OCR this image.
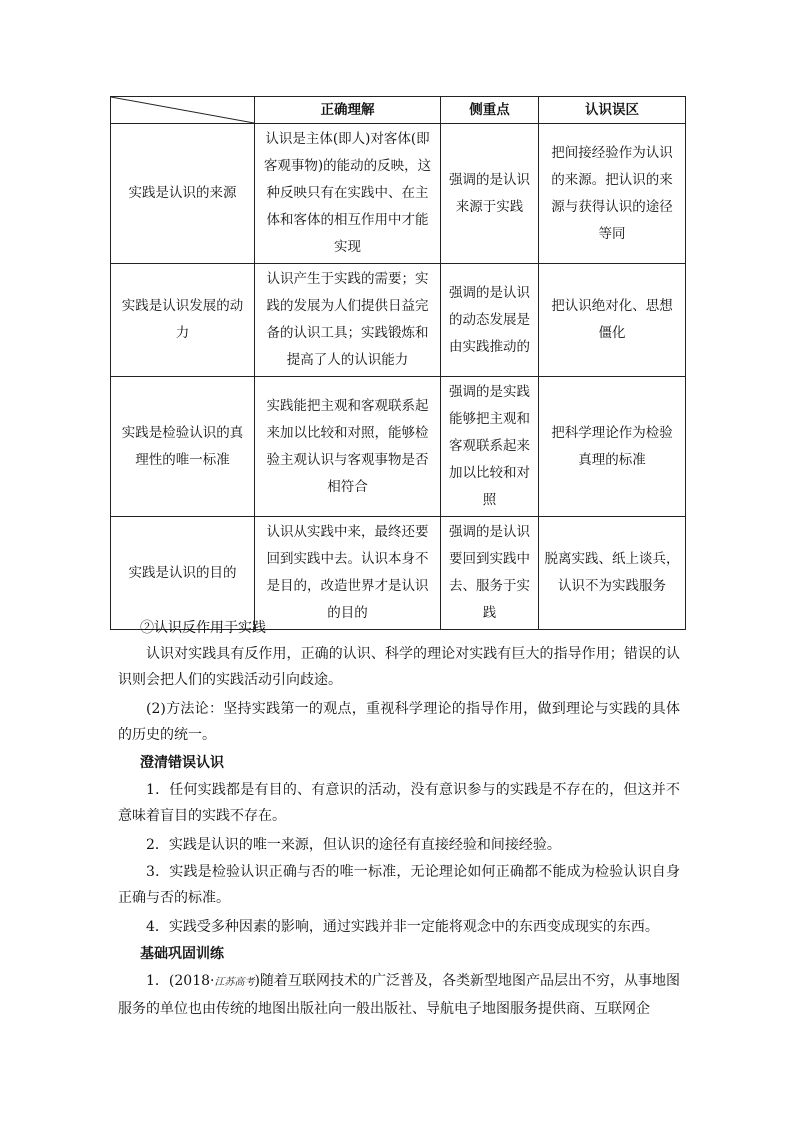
	正确理解	侧重点	认识误区
实践是认识的来源	认识是主体(即人)对客体(即
客观事物)的能动的反映，这
种反映只有在实践中、在主
体和客体的相互作用中才能
实现	强调的是认识
来源于实践	把间接经验作为认识
的来源。把认识的来
源与获得认识的途径
等同
实践是认识发展的动
力	认识产生于实践的需要；实
践的发展为人们提供日益完
备的认识工具；实践锻炼和
提高了人的认识能力	强调的是认识
的动态发展是
由实践推动的	把认识绝对化、思想
僵化
实践是检验认识的真
理性的唯一标准	实践能把主观和客观联系起
来加以比较和对照，能够检
验主观认识与客观事物是否
相符合	强调的是实践
能够把主观和
客观联系起来
加以比较和对
照	把科学理论作为检验
真理的标准
实践是认识的目的	认识从实践中来，最终还要
回到实践中去。认识本身不
是目的，改造世界才是认识
的目的	强调的是认识
要回到实践中
去、服务于实
践	脱离实践、纸上谈兵，
认识不为实践服务
②认识反作用于实践
认识对实践具有反作用，正确的认识、科学的理论对实践有巨大的指导作用；错误的认识则会把人们的实践活动引向歧途。
(2)方法论：坚持实践第一的观点，重视科学理论的指导作用，做到理论与实践的具体的历史的统一。
澄清错误认识
1．任何实践都是有目的、有意识的活动，没有意识参与的实践是不存在的，但这并不意味着盲目的实践不存在。
2．实践是认识的唯一来源，但认识的途径有直接经验和间接经验。
3．实践是检验认识正确与否的唯一标准，无论理论如何正确都不能成为检验认识自身正确与否的标准。
4．实践受多种因素的影响，通过实践并非一定能将观念中的东西变成现实的东西。
基础巩固训练
1．(2018·江苏高考)随着互联网技术的广泛普及，各类新型地图产品层出不穷，从事地图服务的单位也由传统的地图出版社向一般出版社、导航电子地图服务提供商、互联网企
